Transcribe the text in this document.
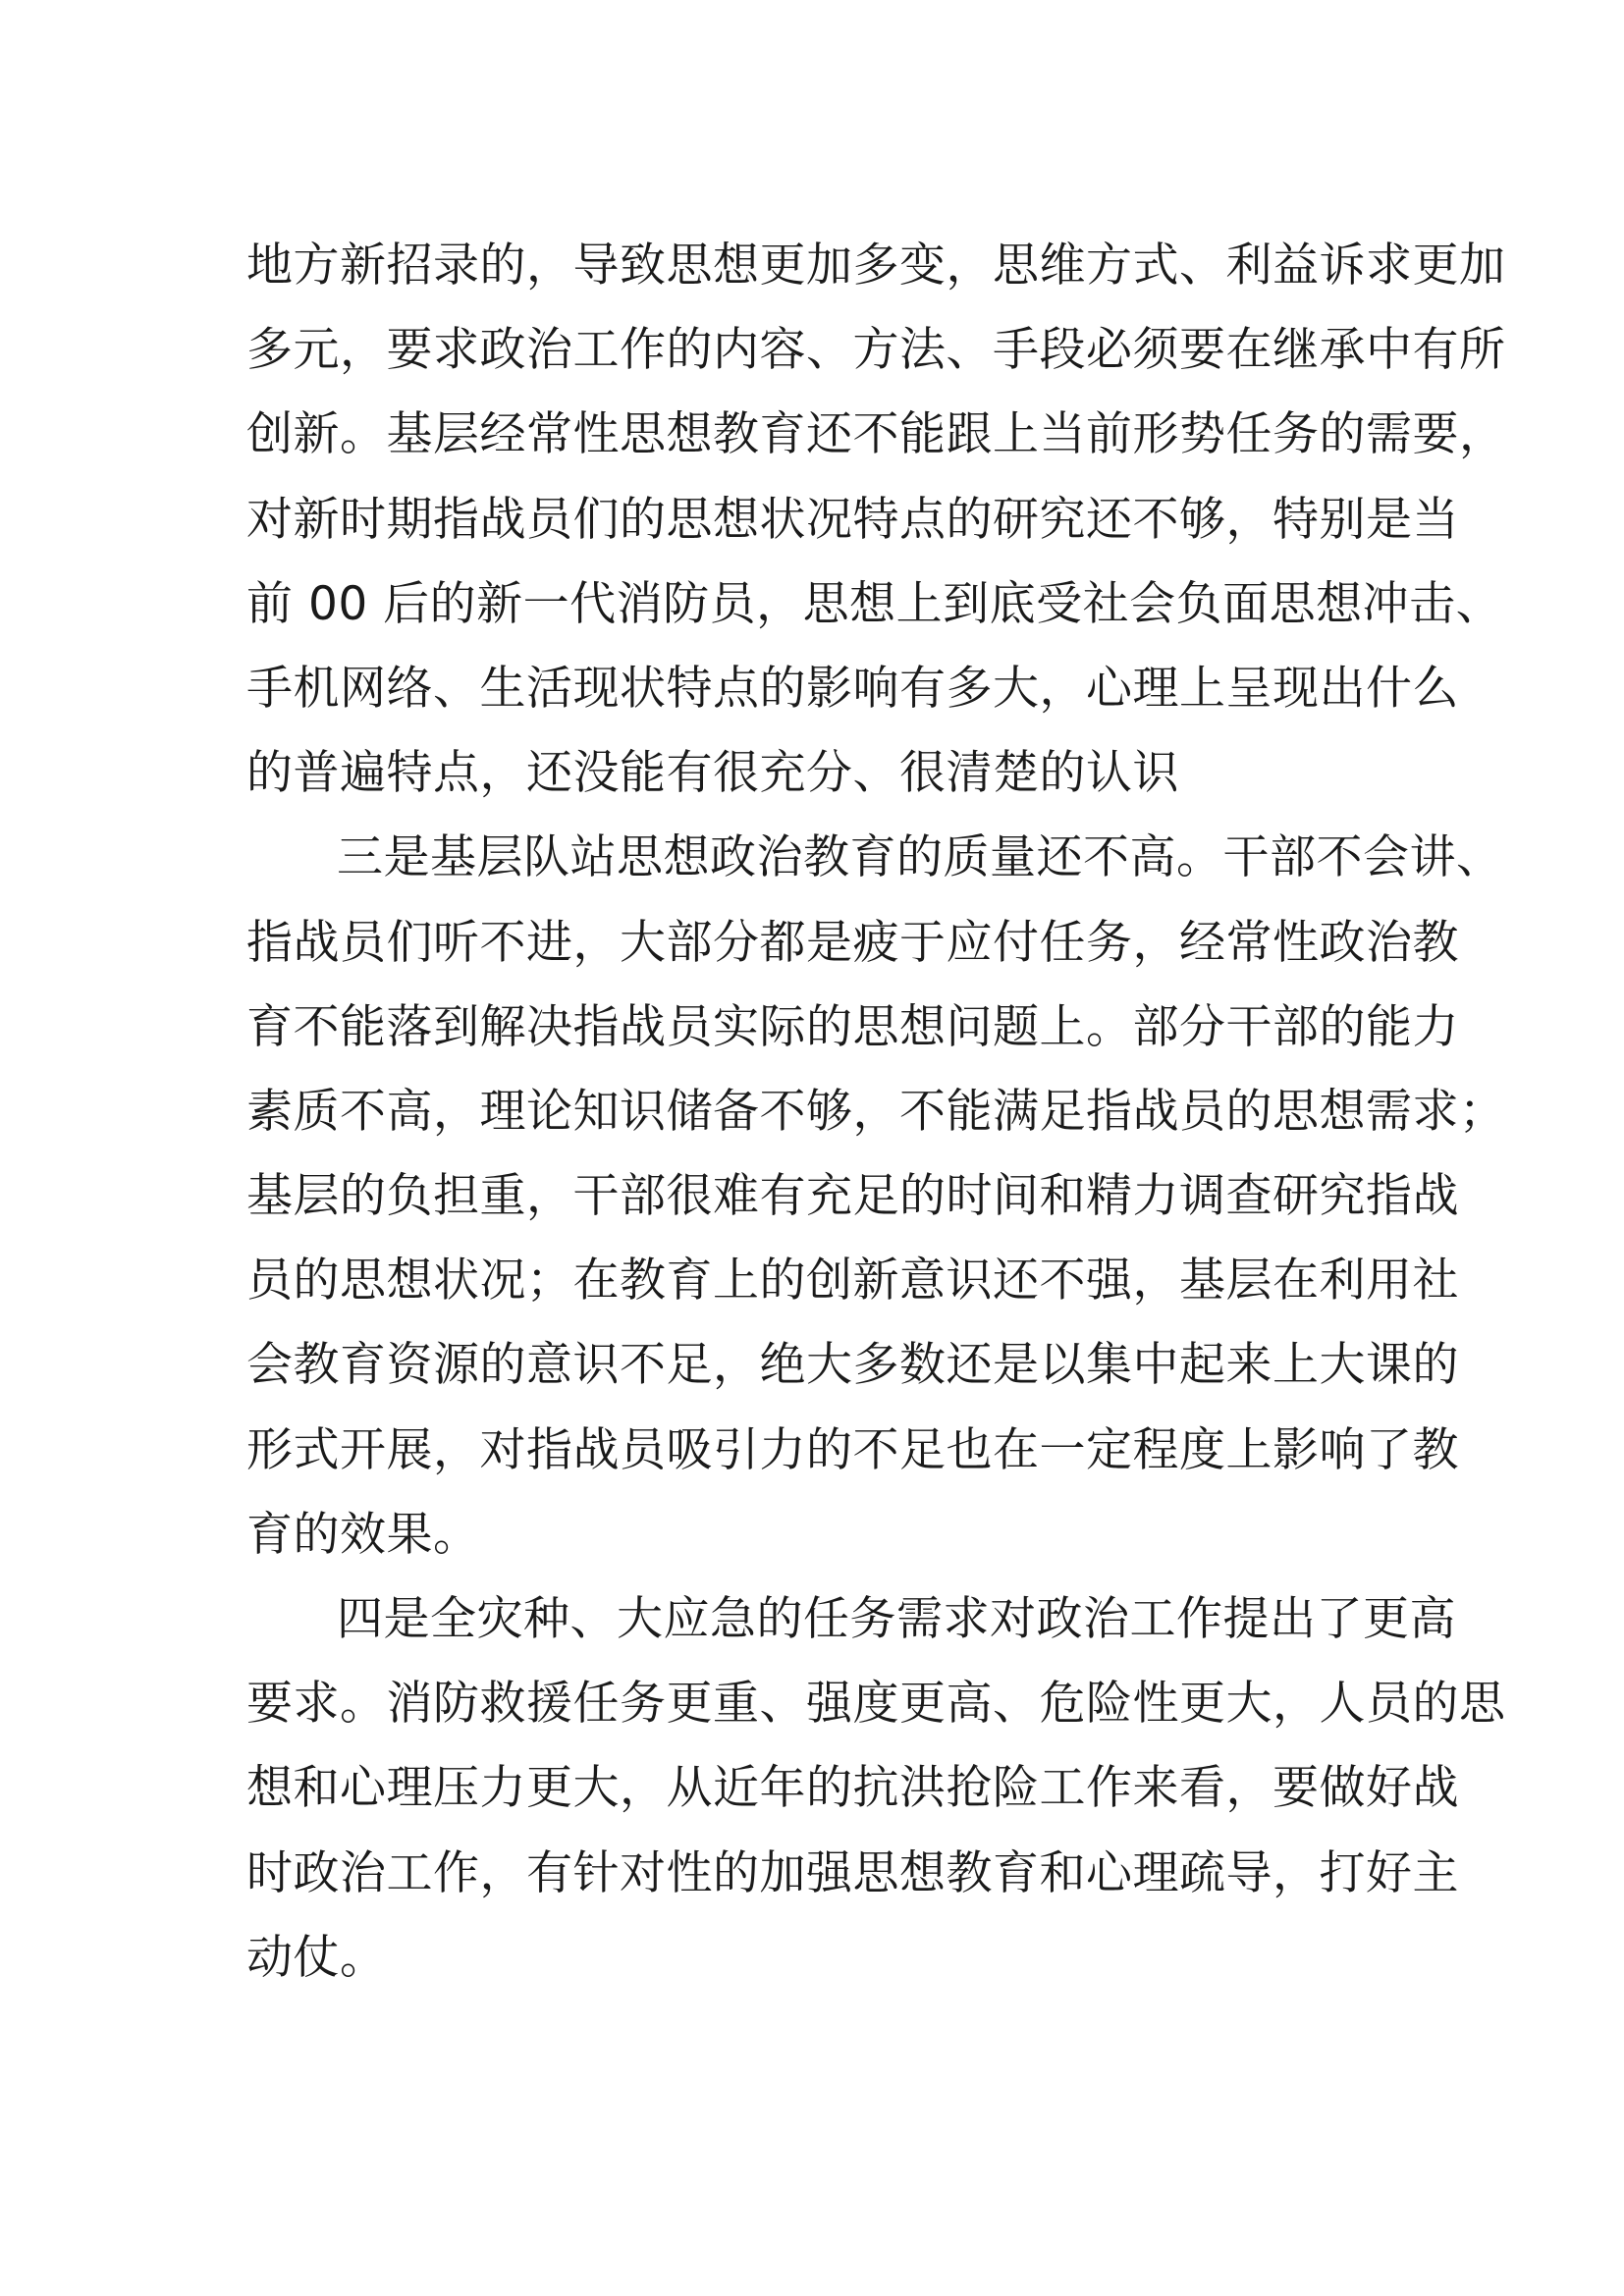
地方新招录的，导致思想更加多变，思维方式、利益诉求更加
多元，要求政治工作的内容、方法、手段必须要在继承中有所
创新。基层经常性思想教育还不能跟上当前形势任务的需要，
对新时期指战员们的思想状况特点的研究还不够，特别是当
前 00 后的新一代消防员，思想上到底受社会负面思想冲击、
手机网络、生活现状特点的影响有多大，心理上呈现出什么
的普遍特点，还没能有很充分、很清楚的认识
三是基层队站思想政治教育的质量还不高。干部不会讲、
指战员们听不进，大部分都是疲于应付任务，经常性政治教
育不能落到解决指战员实际的思想问题上。部分干部的能力
素质不高，理论知识储备不够，不能满足指战员的思想需求；
基层的负担重，干部很难有充足的时间和精力调查研究指战
员的思想状况；在教育上的创新意识还不强，基层在利用社
会教育资源的意识不足，绝大多数还是以集中起来上大课的
形式开展，对指战员吸引力的不足也在一定程度上影响了教
育的效果。
四是全灾种、大应急的任务需求对政治工作提出了更高
要求。消防救援任务更重、强度更高、危险性更大，人员的思
想和心理压力更大，从近年的抗洪抢险工作来看，要做好战
时政治工作，有针对性的加强思想教育和心理疏导，打好主
动仗。
